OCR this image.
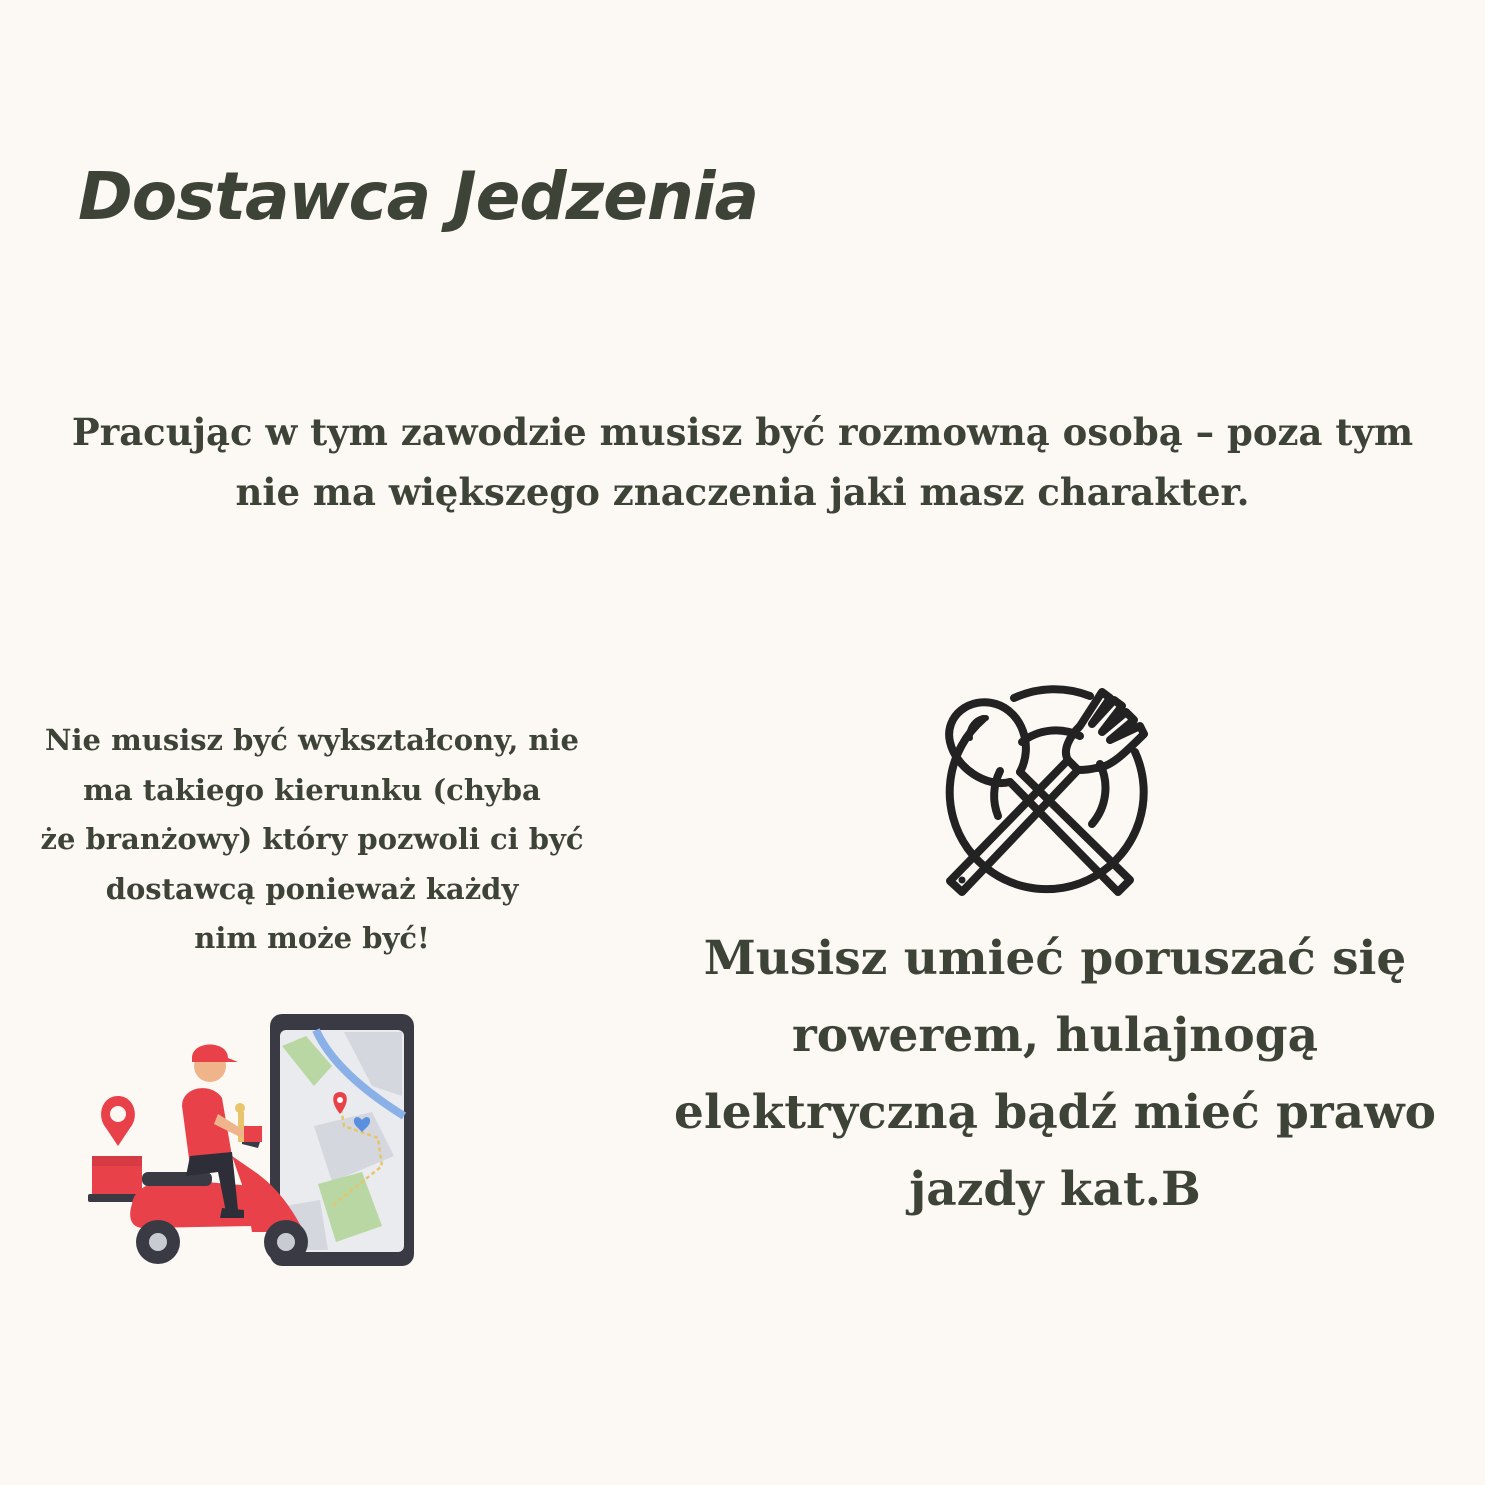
Dostawca Jedzenia

Pracując w tym zawodzie musisz być rozmowną osobą – poza tym nie ma większego znaczenia jaki masz charakter.

Nie musisz być wykształcony, nie
ma takiego kierunku (chyba
że branżowy) który pozwoli ci być
dostawcą ponieważ każdy
nim może być!	Musisz umieć poruszać się
rowerem, hulajnogą
elektryczną bądź mieć prawo
jazdy kat.B
